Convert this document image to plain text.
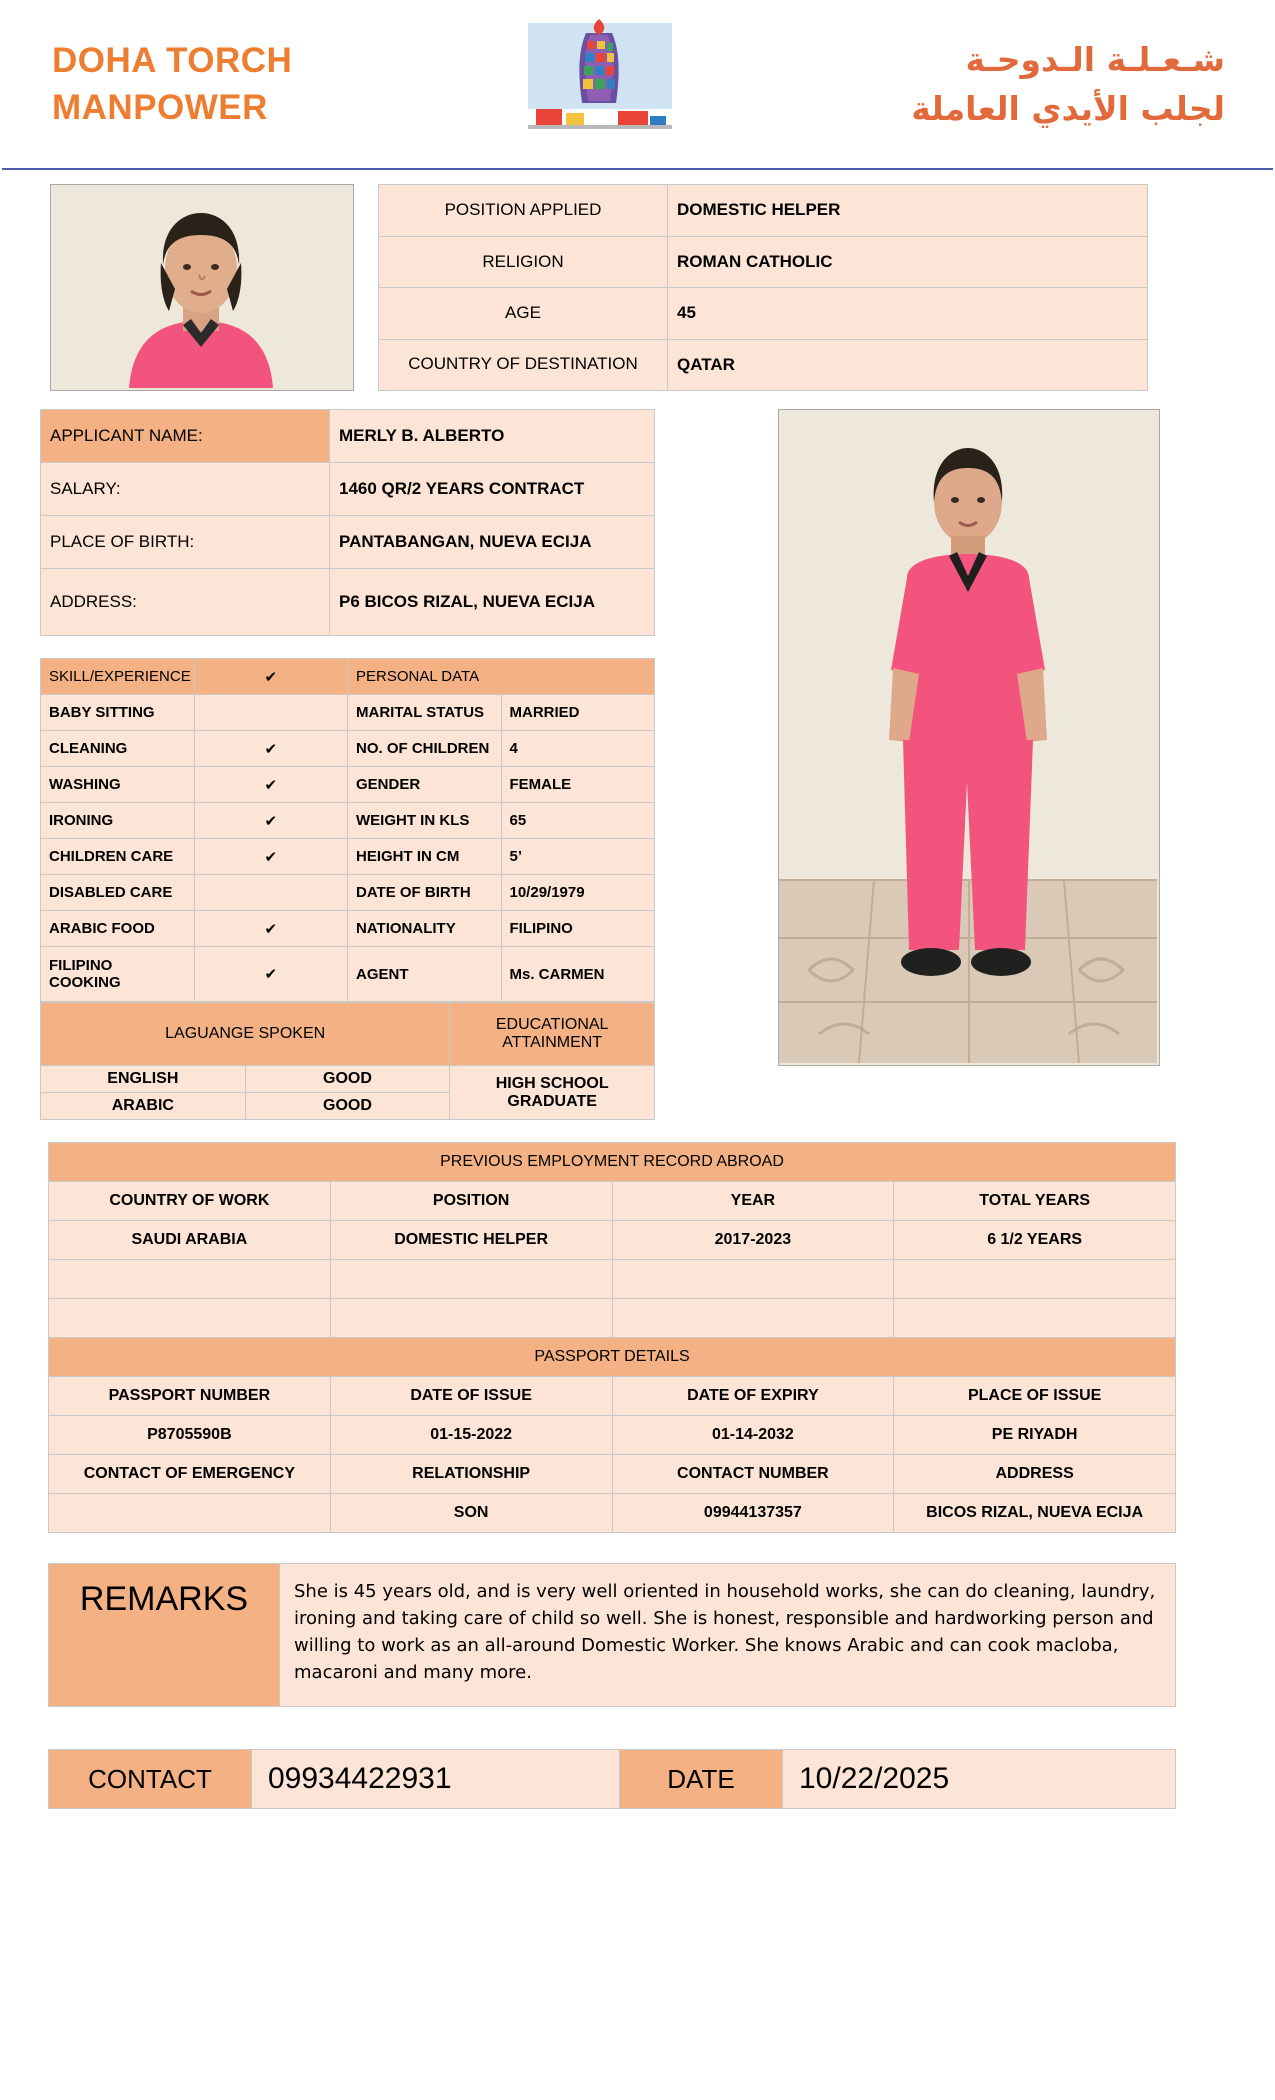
DOHA TORCH
MANPOWER
شـعـلـة الـدوحـة
لجلب الأيدي العاملة
POSITION APPLIED	DOMESTIC HELPER
RELIGION	ROMAN CATHOLIC
AGE	45
COUNTRY OF DESTINATION	QATAR
APPLICANT NAME:	MERLY B. ALBERTO
SALARY:	1460 QR/2 YEARS CONTRACT
PLACE OF BIRTH:	PANTABANGAN, NUEVA ECIJA
ADDRESS:	P6 BICOS RIZAL, NUEVA ECIJA
SKILL/EXPERIENCE	✔	PERSONAL DATA	
BABY SITTING		MARITAL STATUS	MARRIED
CLEANING	✔	NO. OF CHILDREN	4
WASHING	✔	GENDER	FEMALE
IRONING	✔	WEIGHT IN KLS	65
CHILDREN CARE	✔	HEIGHT IN CM	5’
DISABLED CARE		DATE OF BIRTH	10/29/1979
ARABIC FOOD	✔	NATIONALITY	FILIPINO
FILIPINO COOKING	✔	AGENT	Ms. CARMEN
LAGUANGE SPOKEN		EDUCATIONAL ATTAINMENT
ENGLISH	GOOD	HIGH SCHOOL GRADUATE
ARABIC	GOOD	
PREVIOUS EMPLOYMENT RECORD ABROAD			
COUNTRY OF WORK	POSITION	YEAR	TOTAL YEARS
SAUDI ARABIA	DOMESTIC HELPER	2017-2023	6 1/2 YEARS

PASSPORT DETAILS			
PASSPORT NUMBER	DATE OF ISSUE	DATE OF EXPIRY	PLACE OF ISSUE
P8705590B	01-15-2022	01-14-2032	PE RIYADH
CONTACT OF EMERGENCY	RELATIONSHIP	CONTACT NUMBER	ADDRESS
	SON	09944137357	BICOS RIZAL, NUEVA ECIJA
REMARKS	She is 45 years old, and is very well oriented in household works, she can do cleaning, laundry, ironing and taking care of child so well. She is honest, responsible and hardworking person and willing to work as an all-around Domestic Worker. She knows Arabic and can cook macloba, macaroni and many more.
CONTACT	09934422931	DATE	10/22/2025
